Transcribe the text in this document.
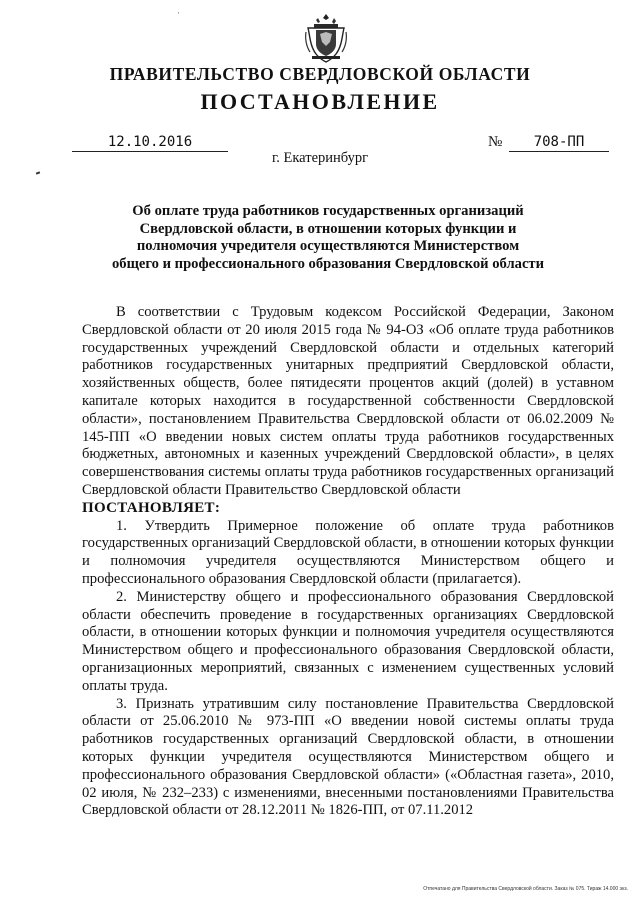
·
ПРАВИТЕЛЬСТВО СВЕРДЛОВСКОЙ ОБЛАСТИ
ПОСТАНОВЛЕНИЕ
12.10.2016	№	708-ПП
г. Екатеринбург
Об оплате труда работников государственных организаций Свердловской области, в отношении которых функции и полномочия учредителя осуществляются Министерством общего и профессионального образования Свердловской области

В соответствии с Трудовым кодексом Российской Федерации, Законом Свердловской области от 20 июля 2015 года № 94-ОЗ «Об оплате труда работников государственных учреждений Свердловской области и отдельных категорий работников государственных унитарных предприятий Свердловской области, хозяйственных обществ, более пятидесяти процентов акций (долей) в уставном капитале которых находится в государственной собственности Свердловской области», постановлением Правительства Свердловской области от 06.02.2009 № 145-ПП «О введении новых систем оплаты труда работников государственных бюджетных, автономных и казенных учреждений Свердловской области», в целях совершенствования системы оплаты труда работников государственных организаций Свердловской области Правительство Свердловской области

ПОСТАНОВЛЯЕТ:

1. Утвердить Примерное положение об оплате труда работников государственных организаций Свердловской области, в отношении которых функции и полномочия учредителя осуществляются Министерством общего и профессионального образования Свердловской области (прилагается).

2. Министерству общего и профессионального образования Свердловской области обеспечить проведение в государственных организациях Свердловской области, в отношении которых функции и полномочия учредителя осуществляются Министерством общего и профессионального образования Свердловской области, организационных мероприятий, связанных с изменением существенных условий оплаты труда.

3. Признать утратившим силу постановление Правительства Свердловской области от 25.06.2010 № 973-ПП «О введении новой системы оплаты труда работников государственных организаций Свердловской области, в отношении которых функции учредителя осуществляются Министерством общего и профессионального образования Свердловской области» («Областная газета», 2010, 02 июля, № 232–233) с изменениями, внесенными постановлениями Правительства Свердловской области от 28.12.2011 № 1826-ПП, от 07.11.2012

Отпечатано для Правительства Свердловской области. Заказ № 075. Тираж 14.000 экз.
